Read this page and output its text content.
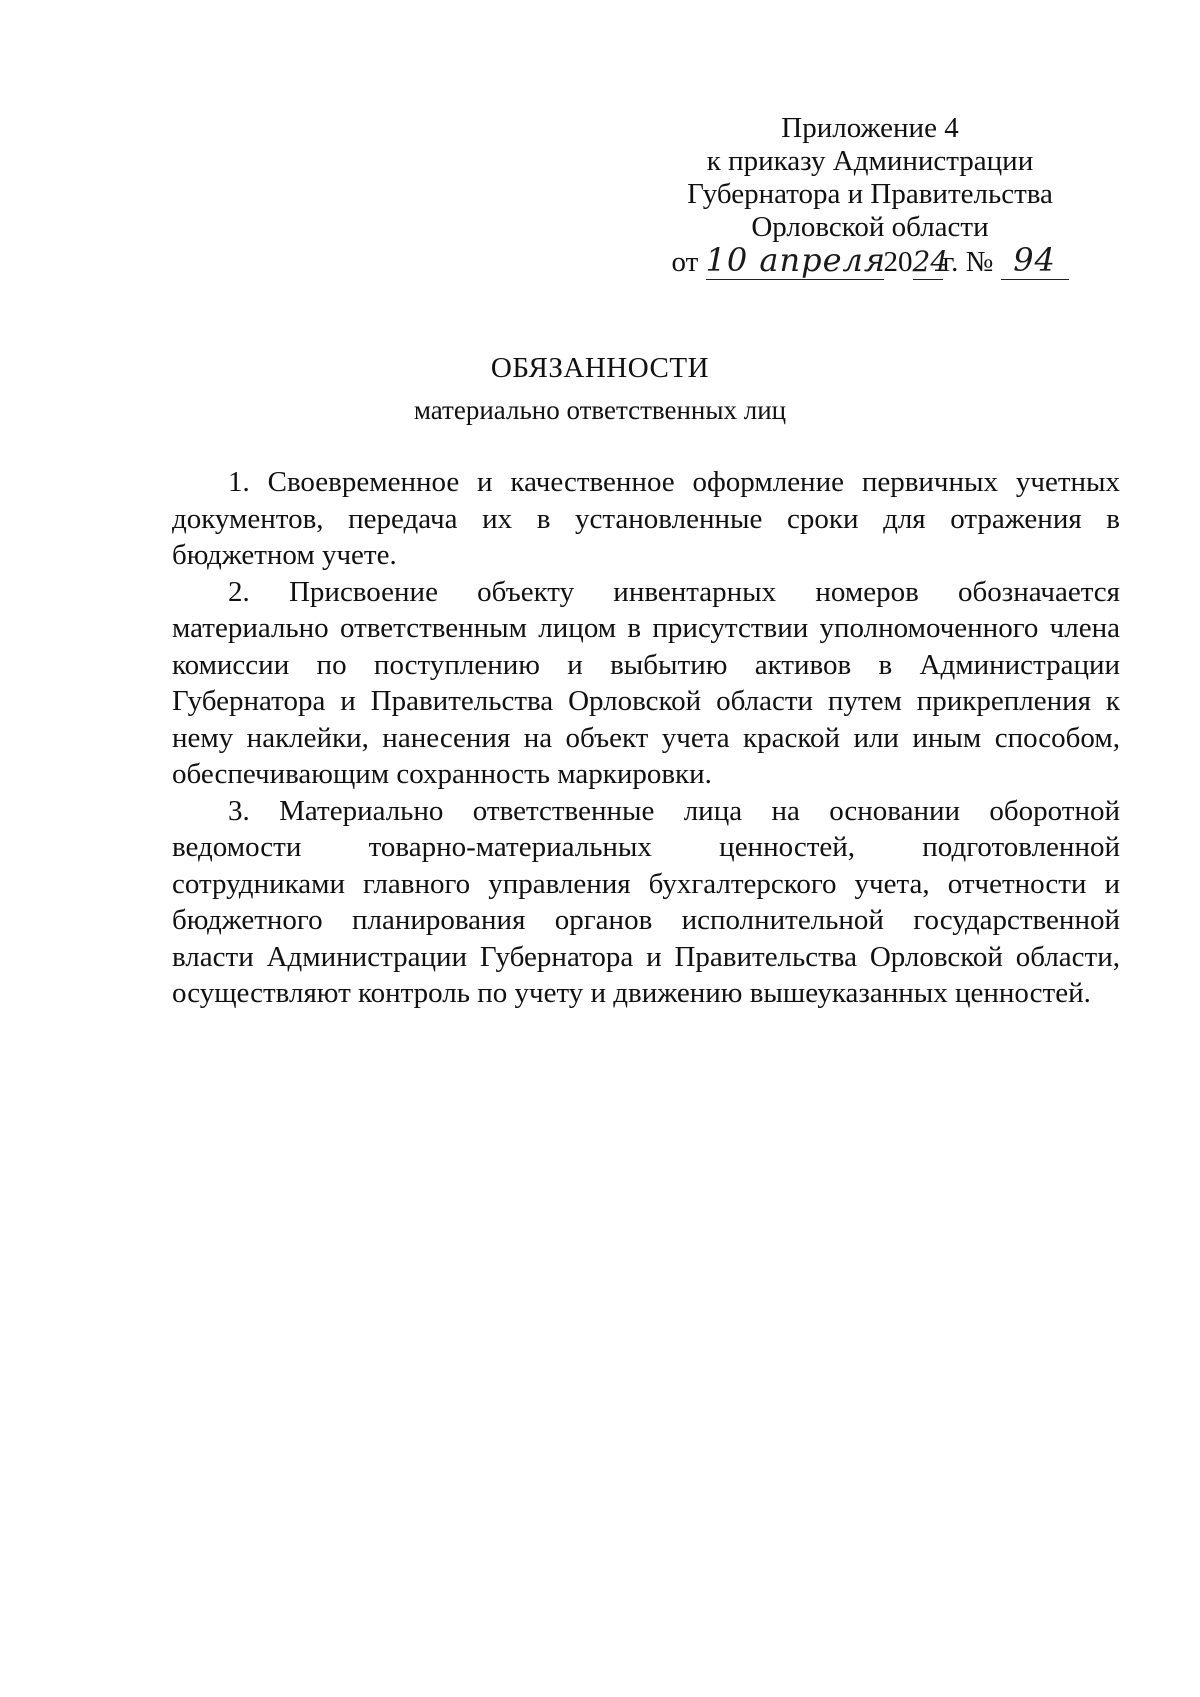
Приложение 4
к приказу Администрации
Губернатора и Правительства
Орловской области
от 10 апреля2024г. № 94
ОБЯЗАННОСТИ
материально ответственных лиц

1. Своевременное и качественное оформление первичных учетных документов, передача их в установленные сроки для отражения в бюджетном учете.

2. Присвоение объекту инвентарных номеров обозначается материально ответственным лицом в присутствии уполномоченного члена комиссии по поступлению и выбытию активов в Администрации Губернатора и Правительства Орловской области путем прикрепления к нему наклейки, нанесения на объект учета краской или иным способом, обеспечивающим сохранность маркировки.

3. Материально ответственные лица на основании оборотной ведомости товарно-материальных ценностей, подготовленной сотрудниками главного управления бухгалтерского учета, отчетности и бюджетного планирования органов исполнительной государственной власти Администрации Губернатора и Правительства Орловской области, осуществляют контроль по учету и движению вышеуказанных ценностей.
